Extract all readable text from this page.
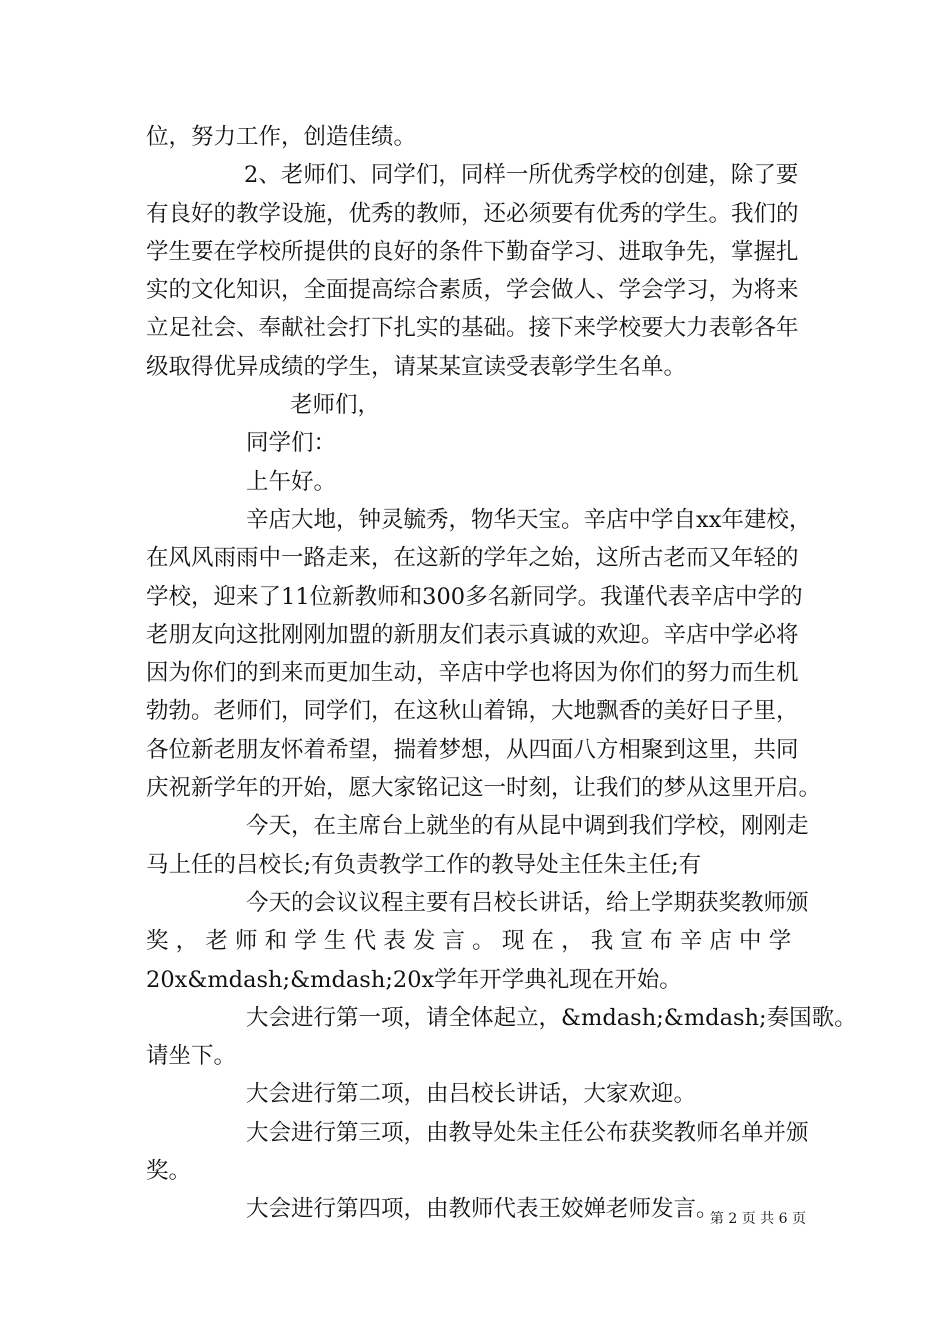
位，努力工作，创造佳绩。
2、老师们、同学们，同样一所优秀学校的创建，除了要
有良好的教学设施，优秀的教师，还必须要有优秀的学生。我们的
学生要在学校所提供的良好的条件下勤奋学习、进取争先，掌握扎
实的文化知识，全面提高综合素质，学会做人、学会学习，为将来
立足社会、奉献社会打下扎实的基础。接下来学校要大力表彰各年
级取得优异成绩的学生，请某某宣读受表彰学生名单。
老师们，
同学们：
上午好。
辛店大地，钟灵毓秀，物华天宝。辛店中学自xx年建校，
在风风雨雨中一路走来，在这新的学年之始，这所古老而又年轻的
学校，迎来了11位新教师和300多名新同学。我谨代表辛店中学的
老朋友向这批刚刚加盟的新朋友们表示真诚的欢迎。辛店中学必将
因为你们的到来而更加生动，辛店中学也将因为你们的努力而生机
勃勃。老师们，同学们，在这秋山着锦，大地飘香的美好日子里，
各位新老朋友怀着希望，揣着梦想，从四面八方相聚到这里，共同
庆祝新学年的开始，愿大家铭记这一时刻，让我们的梦从这里开启。
今天，在主席台上就坐的有从昆中调到我们学校，刚刚走
马上任的吕校长;有负责教学工作的教导处主任朱主任;有
今天的会议议程主要有吕校长讲话，给上学期获奖教师颁
奖 ， 老 师 和 学 生 代 表 发 言 。 现 在 ， 我 宣 布 辛 店 中 学
20x&mdash;&mdash;20x学年开学典礼现在开始。
大会进行第一项，请全体起立，&mdash;&mdash;奏国歌。
请坐下。
大会进行第二项，由吕校长讲话，大家欢迎。
大会进行第三项，由教导处朱主任公布获奖教师名单并颁
奖。
大会进行第四项，由教师代表王姣婵老师发言。
第 2 页 共 6 页
